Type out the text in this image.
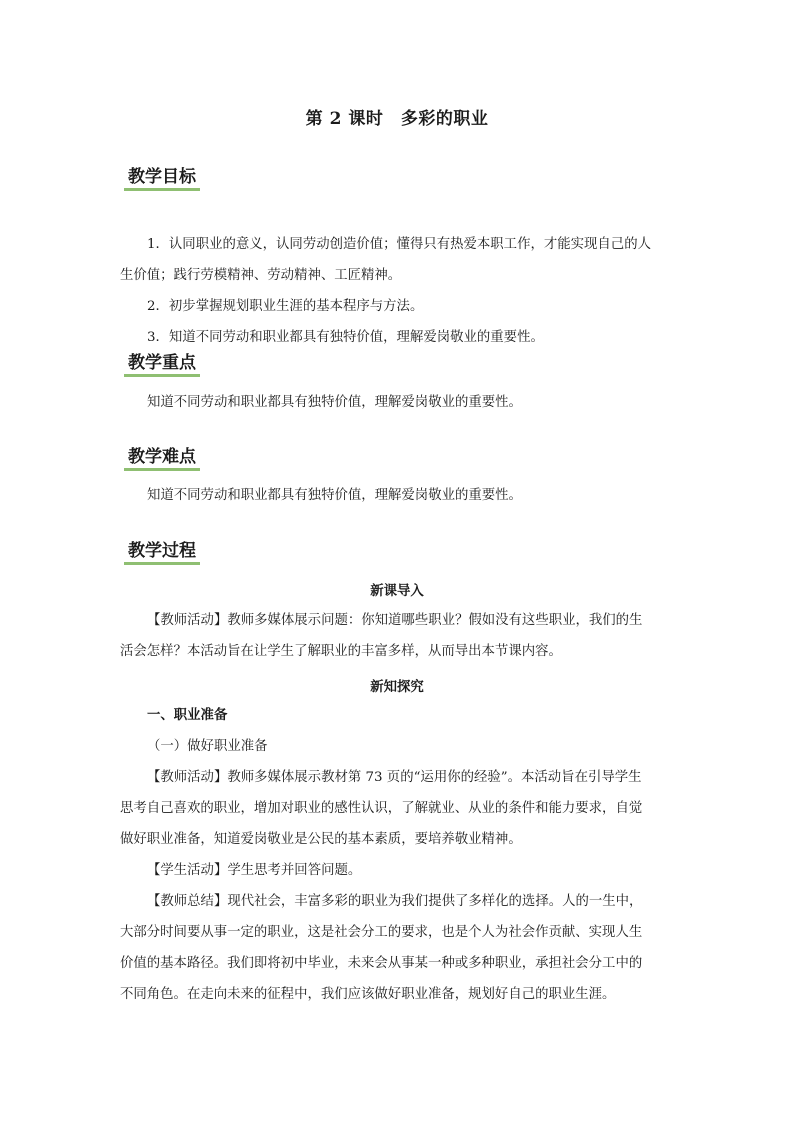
第 2 课时　多彩的职业
教学目标
1．认同职业的意义，认同劳动创造价值；懂得只有热爱本职工作，才能实现自己的人
生价值；践行劳模精神、劳动精神、工匠精神。
2．初步掌握规划职业生涯的基本程序与方法。
3．知道不同劳动和职业都具有独特价值，理解爱岗敬业的重要性。
教学重点
知道不同劳动和职业都具有独特价值，理解爱岗敬业的重要性。
教学难点
知道不同劳动和职业都具有独特价值，理解爱岗敬业的重要性。
教学过程
新课导入
【教师活动】教师多媒体展示问题：你知道哪些职业？假如没有这些职业，我们的生
活会怎样？本活动旨在让学生了解职业的丰富多样，从而导出本节课内容。
新知探究
一、职业准备
（一）做好职业准备
【教师活动】教师多媒体展示教材第 73 页的“运用你的经验”。本活动旨在引导学生
思考自己喜欢的职业，增加对职业的感性认识，了解就业、从业的条件和能力要求，自觉
做好职业准备，知道爱岗敬业是公民的基本素质，要培养敬业精神。
【学生活动】学生思考并回答问题。
【教师总结】现代社会，丰富多彩的职业为我们提供了多样化的选择。人的一生中，
大部分时间要从事一定的职业，这是社会分工的要求，也是个人为社会作贡献、实现人生
价值的基本路径。我们即将初中毕业，未来会从事某一种或多种职业，承担社会分工中的
不同角色。在走向未来的征程中，我们应该做好职业准备，规划好自己的职业生涯。
